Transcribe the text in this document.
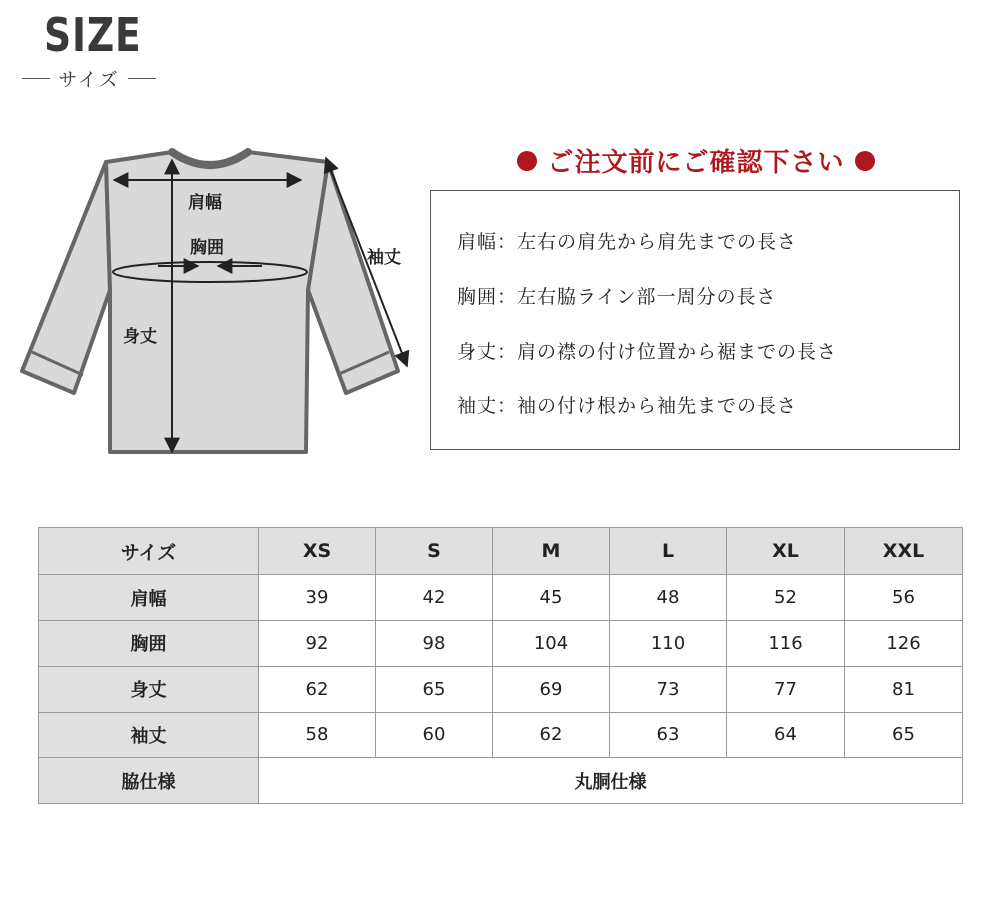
SIZE
サイズ
肩幅
胸囲
身丈
袖丈
ご注文前にご確認下さい
肩幅：左右の肩先から肩先までの長さ
胸囲：左右脇ライン部一周分の長さ
身丈：肩の襟の付け位置から裾までの長さ
袖丈：袖の付け根から袖先までの長さ
サイズ	XS	S	M	L	XL	XXL
肩幅	39	42	45	48	52	56
胸囲	92	98	104	110	116	126
身丈	62	65	69	73	77	81
袖丈	58	60	62	63	64	65
脇仕様	丸胴仕様					
